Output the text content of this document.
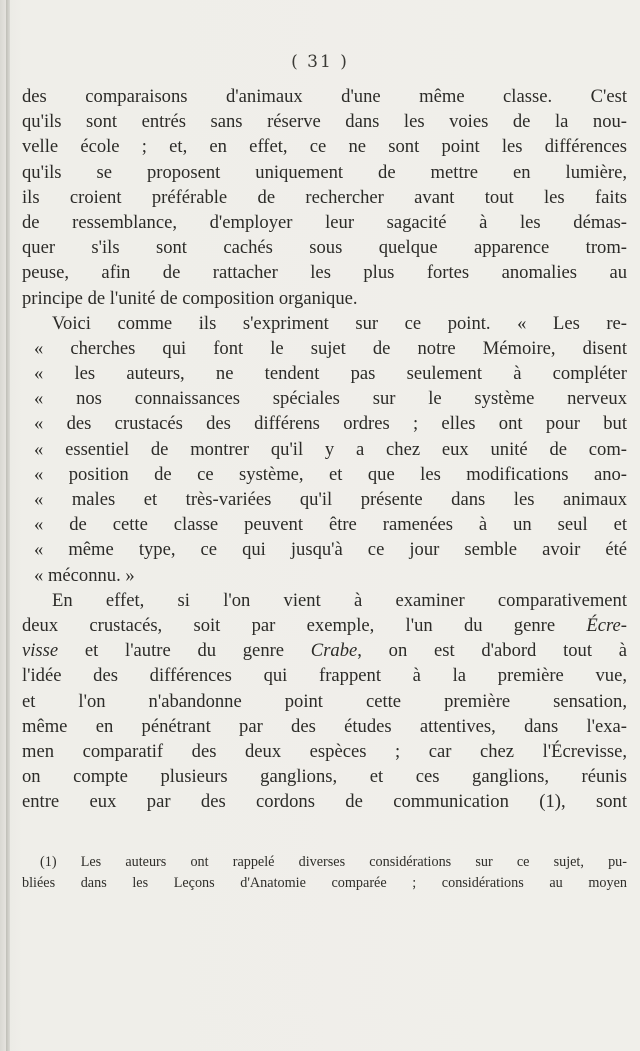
( 31 )
des comparaisons d'animaux d'une même classe. C'est
qu'ils sont entrés sans réserve dans les voies de la nou-
velle école ; et, en effet, ce ne sont point les différences
qu'ils se proposent uniquement de mettre en lumière,
ils croient préférable de rechercher avant tout les faits
de ressemblance, d'employer leur sagacité à les démas-
quer s'ils sont cachés sous quelque apparence trom-
peuse, afin de rattacher les plus fortes anomalies au
principe de l'unité de composition organique.
Voici comme ils s'expriment sur ce point. « Les re-
« cherches qui font le sujet de notre Mémoire, disent
« les auteurs, ne tendent pas seulement à compléter
« nos connaissances spéciales sur le système nerveux
« des crustacés des différens ordres ; elles ont pour but
« essentiel de montrer qu'il y a chez eux unité de com-
« position de ce système, et que les modifications ano-
« males et très-variées qu'il présente dans les animaux
« de cette classe peuvent être ramenées à un seul et
« même type, ce qui jusqu'à ce jour semble avoir été
« méconnu. »
En effet, si l'on vient à examiner comparativement
deux crustacés, soit par exemple, l'un du genre Écre-
visse et l'autre du genre Crabe, on est d'abord tout à
l'idée des différences qui frappent à la première vue,
et l'on n'abandonne point cette première sensation,
même en pénétrant par des études attentives, dans l'exa-
men comparatif des deux espèces ; car chez l'Écrevisse,
on compte plusieurs ganglions, et ces ganglions, réunis
entre eux par des cordons de communication (1), sont
(1) Les auteurs ont rappelé diverses considérations sur ce sujet, pu-
bliées dans les Leçons d'Anatomie comparée ; considérations au moyen
